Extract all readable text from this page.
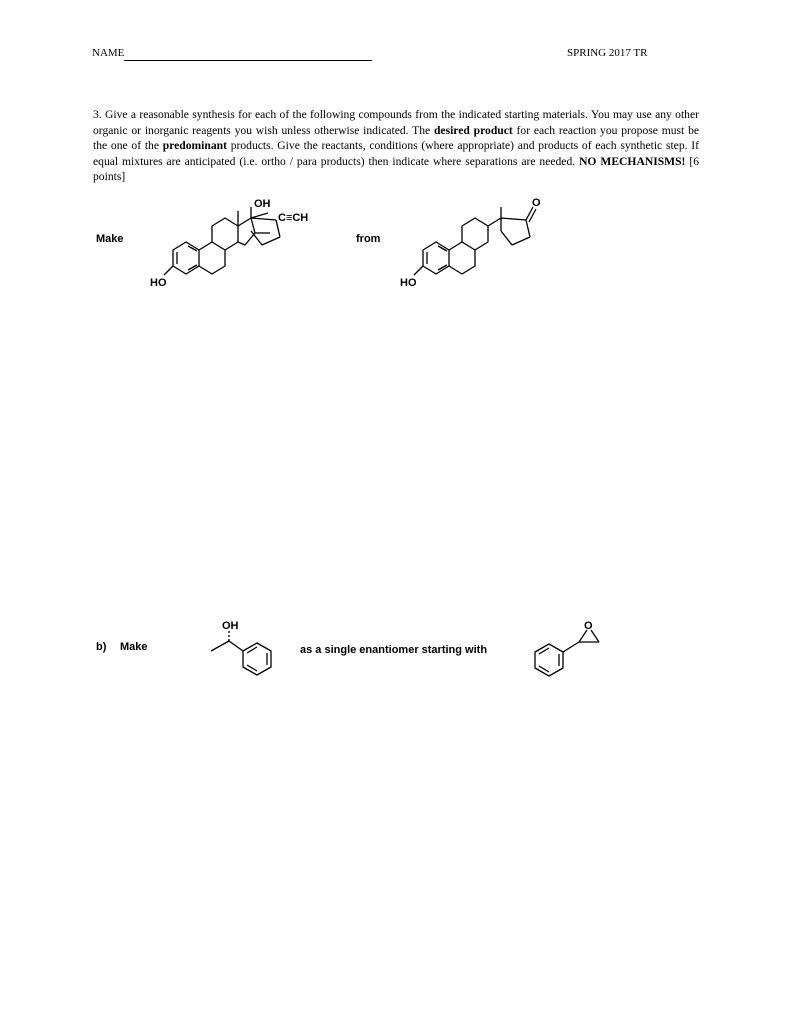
NAME	SPRING 2017 TR
3. Give a reasonable synthesis for each of the following compounds from the indicated starting materials. You may use any other organic or inorganic reagents you wish unless otherwise indicated. The desired product for each reaction you propose must be the one of the predominant products. Give the reactants, conditions (where appropriate) and products of each synthetic step. If equal mixtures are anticipated (i.e. ortho / para products) then indicate where separations are needed. NO MECHANISMS! [6 points]
Make	from
HO
OH
C≡CH
HO
O
b) Make	as a single enantiomer starting with
OH	O
